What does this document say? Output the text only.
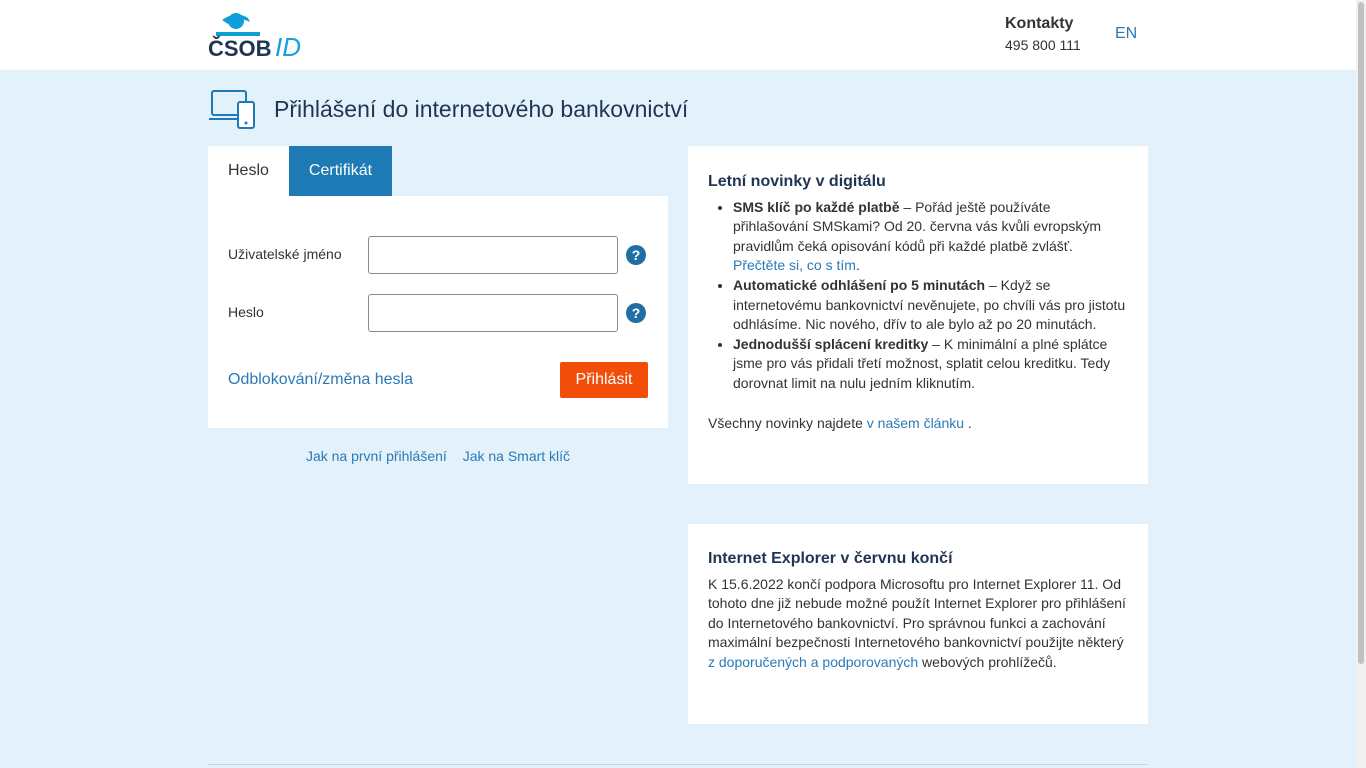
ČSOB ID
Kontakty
495 800 111
EN
Přihlášení do internetového bankovnictví
Heslo	Certifikát
Uživatelské jméno	?
Heslo	?
Odblokování/změna hesla	Přihlásit
Jak na první přihlášení Jak na Smart klíč
Letní novinky v digitálu
• SMS klíč po každé platbě – Pořád ještě používáte přihlašování SMSkami? Od 20. června vás kvůli evropským pravidlům čeká opisování kódů při každé platbě zvlášť. Přečtěte si, co s tím.
• Automatické odhlášení po 5 minutách – Když se internetovému bankovnictví nevěnujete, po chvíli vás pro jistotu odhlásíme. Nic nového, dřív to ale bylo až po 20 minutách.
• Jednodušší splácení kreditky – K minimální a plné splátce jsme pro vás přidali třetí možnost, splatit celou kreditku. Tedy dorovnat limit na nulu jedním kliknutím.

Všechny novinky najdete v našem článku .

Internet Explorer v červnu končí

K 15.6.2022 končí podpora Microsoftu pro Internet Explorer 11. Od tohoto dne již nebude možné použít Internet Explorer pro přihlášení do Internetového bankovnictví. Pro správnou funkci a zachování maximální bezpečnosti Internetového bankovnictví použijte některý z doporučených a podporovaných webových prohlížečů.
